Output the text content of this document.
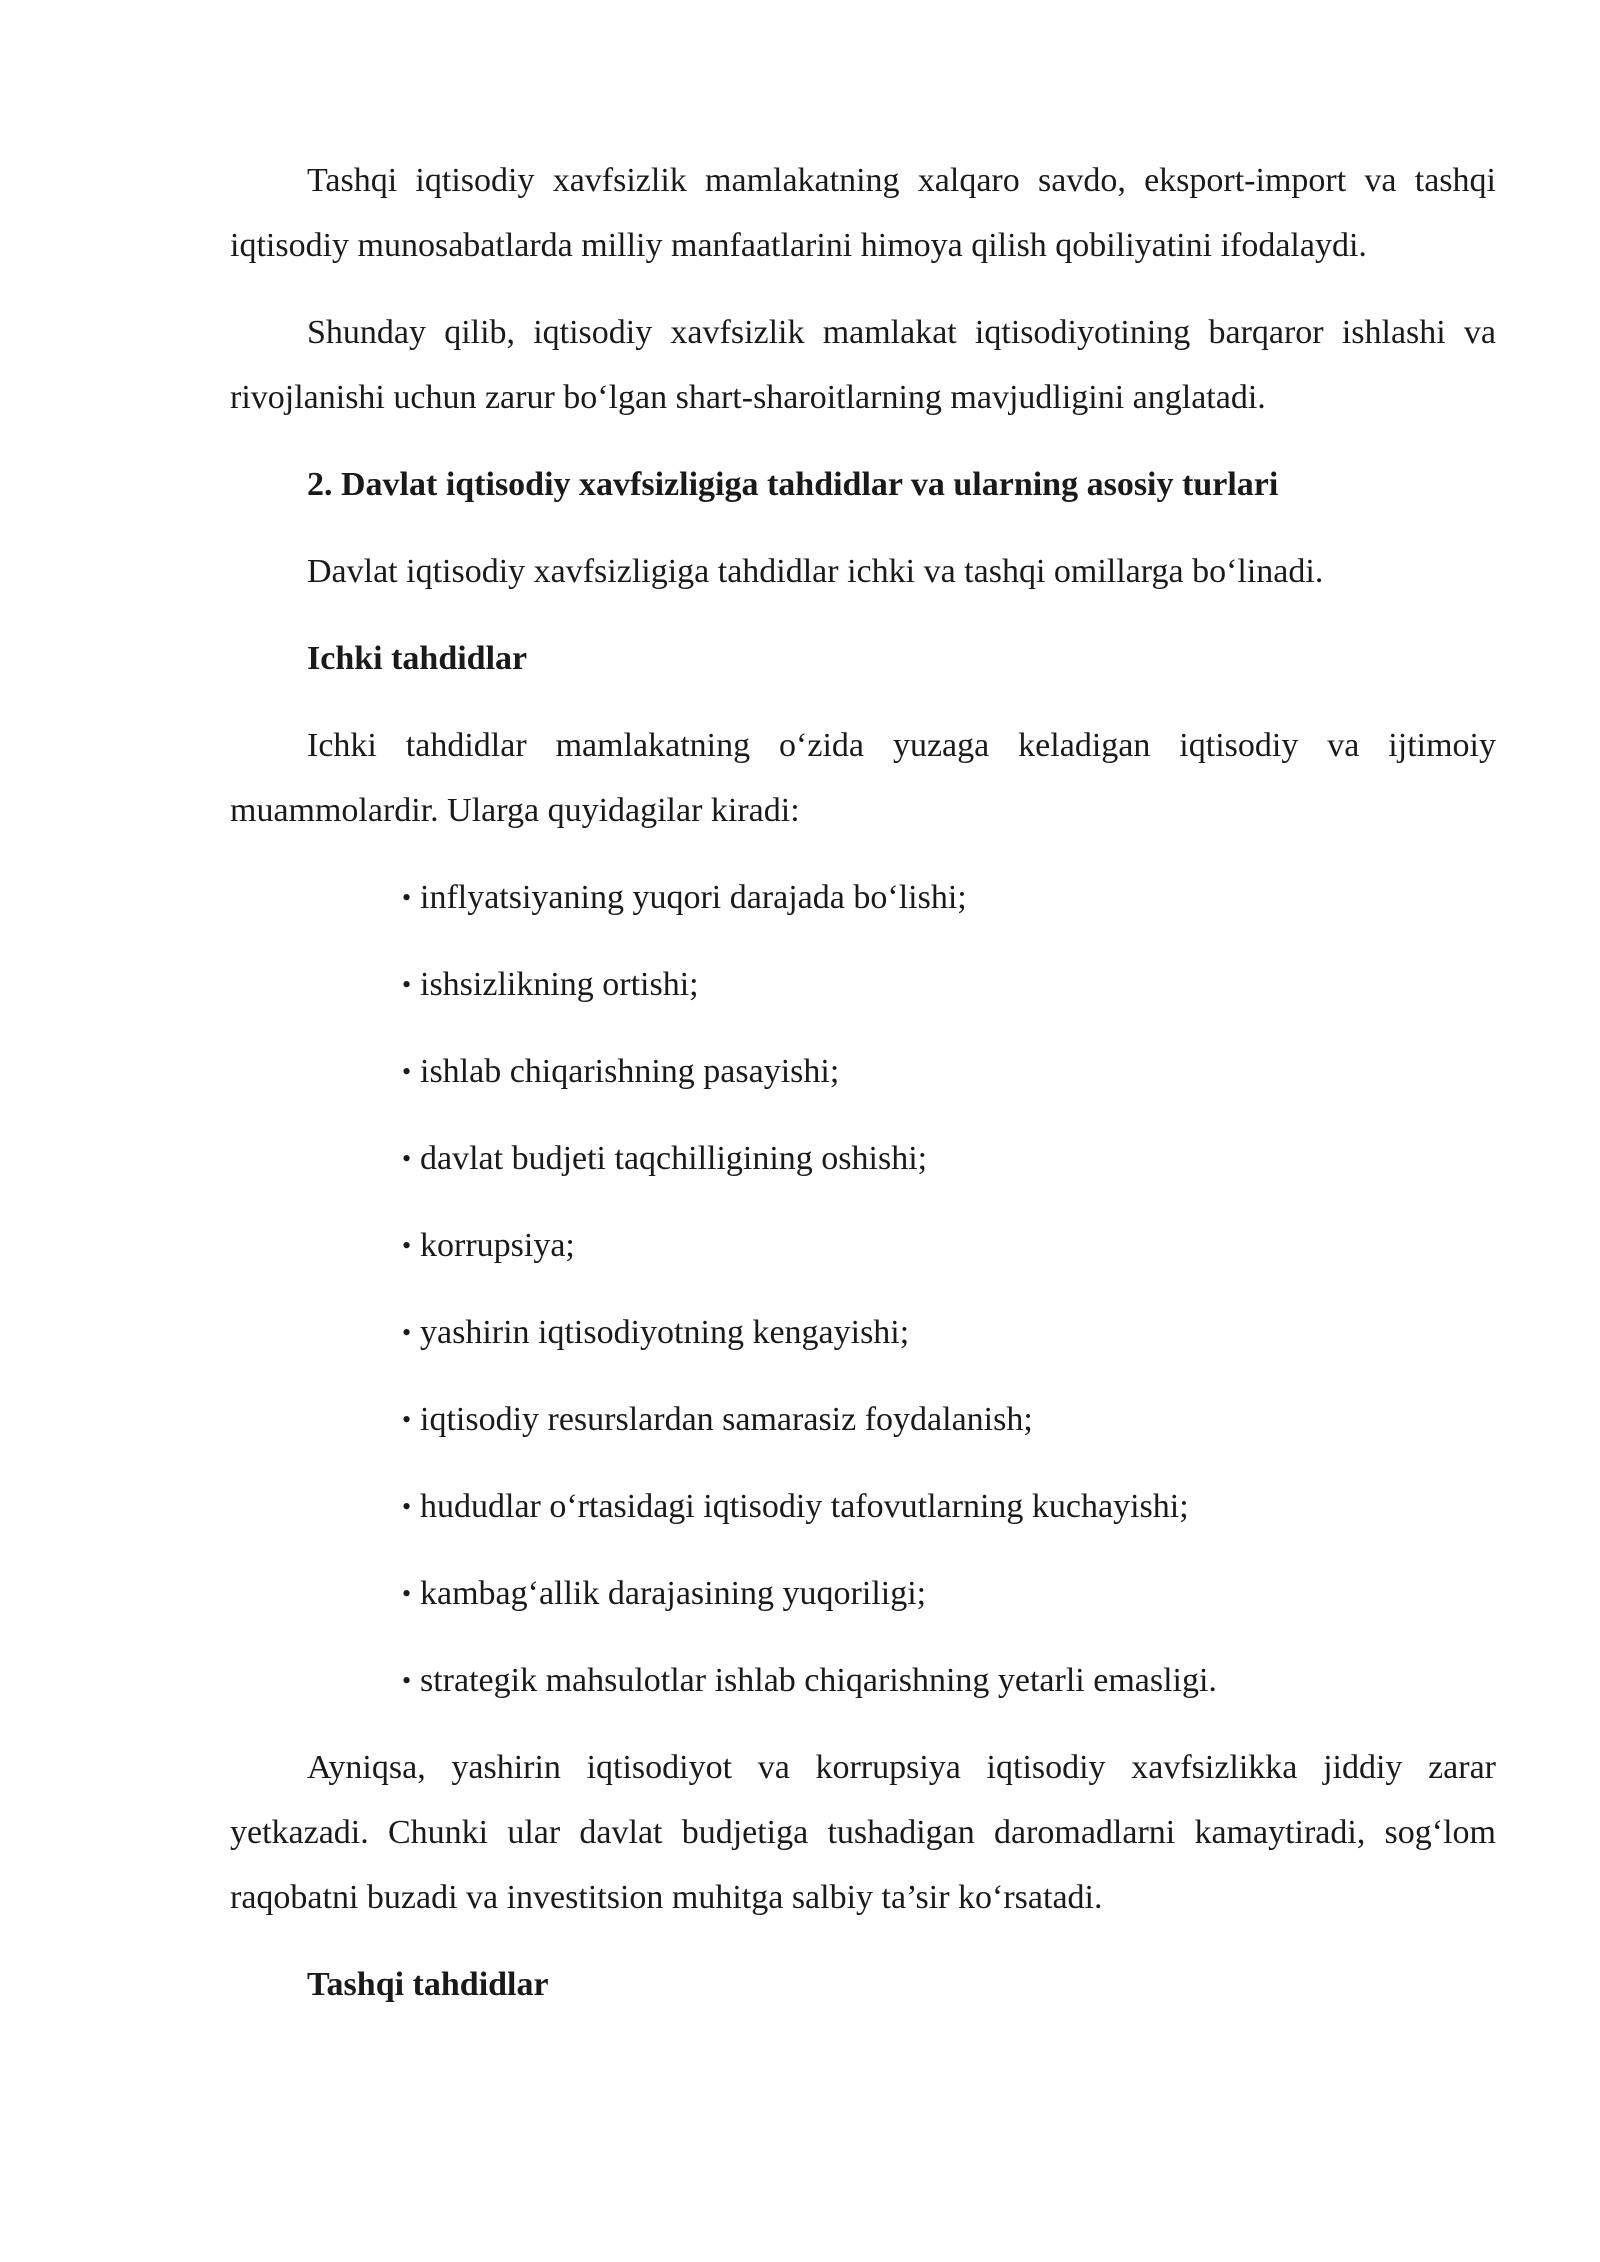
Tashqi iqtisodiy xavfsizlik mamlakatning xalqaro savdo, eksport-import va tashqi iqtisodiy munosabatlarda milliy manfaatlarini himoya qilish qobiliyatini ifodalaydi.

Shunday qilib, iqtisodiy xavfsizlik mamlakat iqtisodiyotining barqaror ishlashi va rivojlanishi uchun zarur bo‘lgan shart-sharoitlarning mavjudligini anglatadi.

2. Davlat iqtisodiy xavfsizligiga tahdidlar va ularning asosiy turlari

Davlat iqtisodiy xavfsizligiga tahdidlar ichki va tashqi omillarga bo‘linadi.

Ichki tahdidlar

Ichki tahdidlar mamlakatning o‘zida yuzaga keladigan iqtisodiy va ijtimoiy muammolardir. Ularga quyidagilar kiradi:

• inflyatsiyaning yuqori darajada bo‘lishi;
• ishsizlikning ortishi;
• ishlab chiqarishning pasayishi;
• davlat budjeti taqchilligining oshishi;
• korrupsiya;
• yashirin iqtisodiyotning kengayishi;
• iqtisodiy resurslardan samarasiz foydalanish;
• hududlar o‘rtasidagi iqtisodiy tafovutlarning kuchayishi;
• kambag‘allik darajasining yuqoriligi;
• strategik mahsulotlar ishlab chiqarishning yetarli emasligi.

Ayniqsa, yashirin iqtisodiyot va korrupsiya iqtisodiy xavfsizlikka jiddiy zarar yetkazadi. Chunki ular davlat budjetiga tushadigan daromadlarni kamaytiradi, sog‘lom raqobatni buzadi va investitsion muhitga salbiy ta’sir ko‘rsatadi.

Tashqi tahdidlar
